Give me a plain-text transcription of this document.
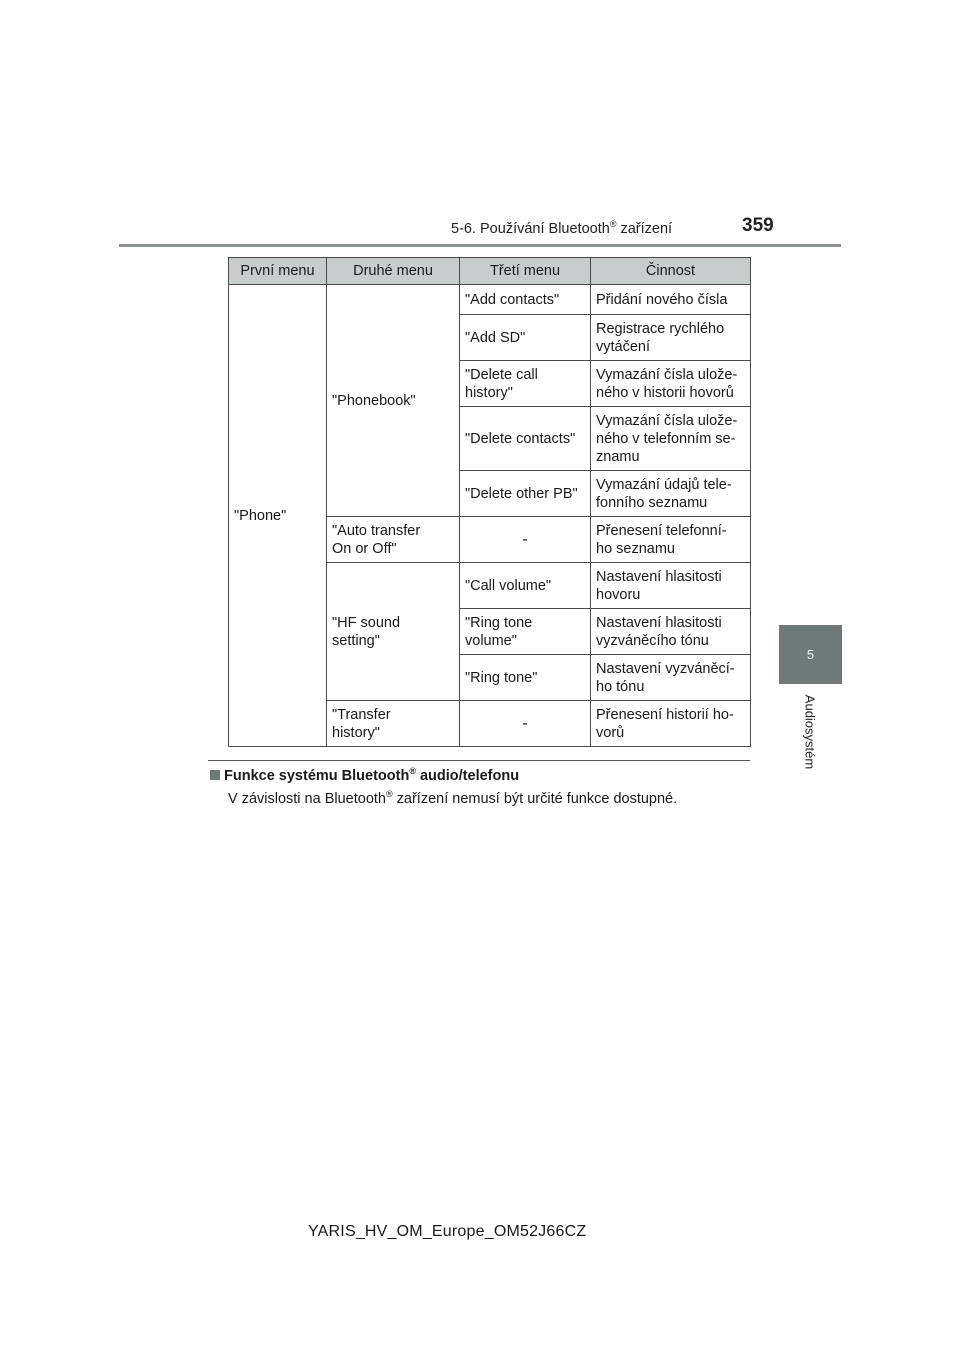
5-6. Používání Bluetooth® zařízení	359
5
Audiosystém
První menu	Druhé menu	Třetí menu	Činnost
"Phone"	"Phonebook"	"Add contacts"	Přidání nového čísla
		"Add SD"	Registrace rychlého
vytáčení
		"Delete call
history"	Vymazání čísla ulože-
ného v historii hovorů
		"Delete contacts"	Vymazání čísla ulože-
ného v telefonním se-
znamu
		"Delete other PB"	Vymazání údajů tele-
fonního seznamu
	"Auto transfer
On or Off"	-	Přenesení telefonní-
ho seznamu
	"HF sound
setting"	"Call volume"	Nastavení hlasitosti
hovoru
		"Ring tone
volume"	Nastavení hlasitosti
vyzváněcího tónu
		"Ring tone"	Nastavení vyzváněcí-
ho tónu
	"Transfer
history"	-	Přenesení historií ho-
vorů
Funkce systému Bluetooth® audio/telefonu
V závislosti na Bluetooth® zařízení nemusí být určité funkce dostupné.
YARIS_HV_OM_Europe_OM52J66CZ
